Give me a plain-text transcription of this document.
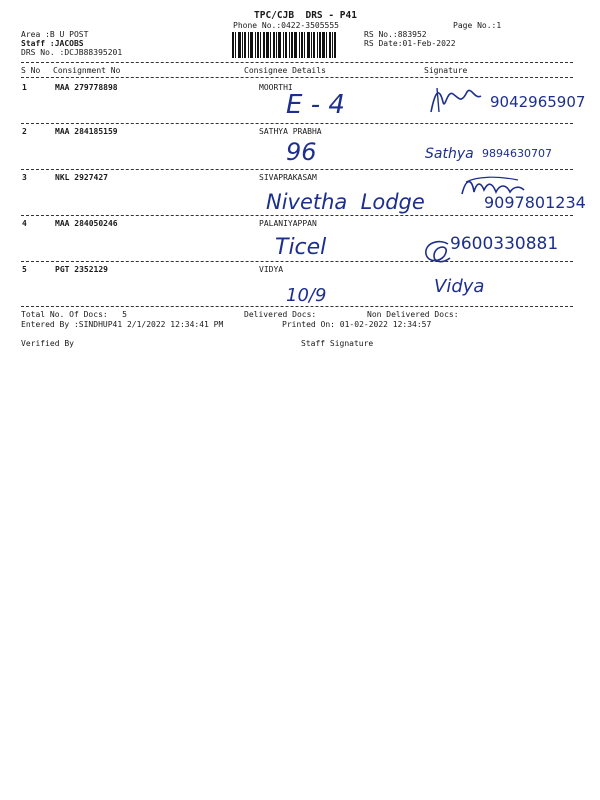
TPC/CJB  DRS - P41
Phone No.:0422-3505555	Page No.:1
Area :B U POST
Staff :JACOBS
DRS No. :DCJB88395201
RS No.:883952
RS Date:01-Feb-2022
S No Consignment No	Consignee Details	Signature
1	MAA 279778898	MOORTHI
E - 4	9042965907
2	MAA 284185159	SATHYA PRABHA
96	Sathya 9894630707
3	NKL 2927427	SIVAPRAKASAM
Nivetha  Lodge	9097801234
4	MAA 284050246	PALANIYAPPAN
Ticel	9600330881
5	PGT 2352129	VIDYA
10/9	Vidya
Total No. Of Docs:   5	Delivered Docs:	Non Delivered Docs:
Entered By :SINDHUP41 2/1/2022 12:34:41 PM	Printed On: 01-02-2022 12:34:57
Verified By	Staff Signature
